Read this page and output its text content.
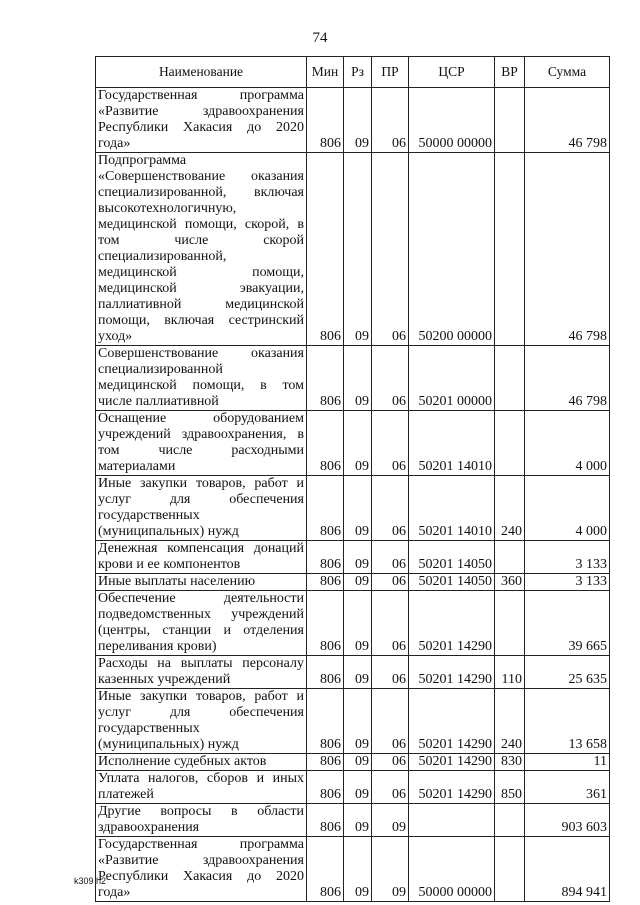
74
Наименование	Мин	Рз	ПР	ЦСР	ВР	Сумма
Государственная программа «Развитие здравоохранения Республики Хакасия до 2020 года»	806	09	06	50000 00000		46 798
Подпрограмма «Совершенствование оказания специализированной, включая высокотехнологичную, медицинской помощи, скорой, в том числе скорой специализированной, медицинской помощи, медицинской эвакуации, паллиативной медицинской помощи, включая сестринский уход»	806	09	06	50200 00000		46 798
Совершенствование оказания специализированной медицинской помощи, в том числе паллиативной	806	09	06	50201 00000		46 798
Оснащение оборудованием учреждений здравоохранения, в том числе расходными материалами	806	09	06	50201 14010		4 000
Иные закупки товаров, работ и услуг для обеспечения государственных (муниципальных) нужд	806	09	06	50201 14010	240	4 000
Денежная компенсация донаций крови и ее компонентов	806	09	06	50201 14050		3 133
Иные выплаты населению	806	09	06	50201 14050	360	3 133
Обеспечение деятельности подведомственных учреждений (центры, станции и отделения переливания крови)	806	09	06	50201 14290		39 665
Расходы на выплаты персоналу казенных учреждений	806	09	06	50201 14290	110	25 635
Иные закупки товаров, работ и услуг для обеспечения государственных (муниципальных) нужд	806	09	06	50201 14290	240	13 658
Исполнение судебных актов	806	09	06	50201 14290	830	11
Уплата налогов, сборов и иных платежей	806	09	06	50201 14290	850	361
Другие вопросы в области здравоохранения	806	09	09			903 603
Государственная программа «Развитие здравоохранения Республики Хакасия до 2020 года»	806	09	09	50000 00000		894 941
k309 h2
